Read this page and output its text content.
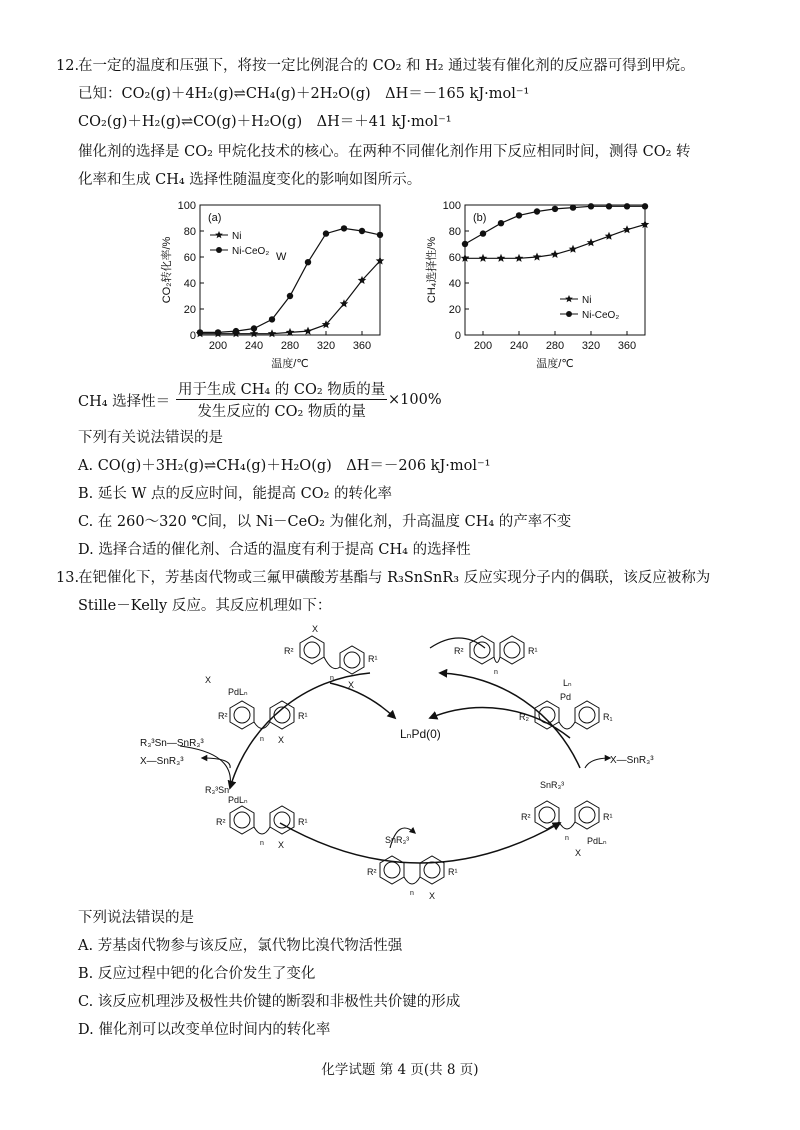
12.
在一定的温度和压强下，将按一定比例混合的 CO₂ 和 H₂ 通过装有催化剂的反应器可得到甲烷。
已知：CO₂(g)＋4H₂(g)⇌CH₄(g)＋2H₂O(g)　ΔH＝－165 kJ·mol⁻¹
CO₂(g)＋H₂(g)⇌CO(g)＋H₂O(g)　ΔH＝＋41 kJ·mol⁻¹
催化剂的选择是 CO₂ 甲烷化技术的核心。在两种不同催化剂作用下反应相同时间，测得 CO₂ 转
化率和生成 CH₄ 选择性随温度变化的影响如图所示。
0
20
40
60
80
100
200 240 280 320 360
温度/℃
CO₂转化率/%
(a)
Ni
Ni-CeO₂ W
0
20
40
60
80
100
200 240 280 320 360
温度/℃
CH₄选择性/%
(b)
Ni
Ni-CeO₂
CH₄ 选择性＝
用于生成 CH₄ 的 CO₂ 物质的量
发生反应的 CO₂ 物质的量
×100%
下列有关说法错误的是
A. CO(g)＋3H₂(g)⇌CH₄(g)＋H₂O(g)　ΔH＝－206 kJ·mol⁻¹
B. 延长 W 点的反应时间，能提高 CO₂ 的转化率
C. 在 260～320 ℃间，以 Ni－CeO₂ 为催化剂，升高温度 CH₄ 的产率不变
D. 选择合适的催化剂、合适的温度有利于提高 CH₄ 的选择性
13.
在钯催化下，芳基卤代物或三氟甲磺酸芳基酯与 R₃SnSnR₃ 反应实现分子内的偶联，该反应被称为
Stille－Kelly 反应。其反应机理如下：
LₙPd(0)
R²
R¹
X
X
n
R²	R¹
n
X
PdLₙ
R²	R¹
X
n
R₃³Sn—SnR₃³
X—SnR₃³
R₃³Sn
PdLₙ
R²	R¹
X
n	SnR₃³
R²	R¹
X
n
SnR₃³
R²	R¹
PdLₙ
X
n
X—SnR₃³
Lₙ
Pd
R₂	R₁
下列说法错误的是
A. 芳基卤代物参与该反应，氯代物比溴代物活性强
B. 反应过程中钯的化合价发生了变化
C. 该反应机理涉及极性共价键的断裂和非极性共价键的形成
D. 催化剂可以改变单位时间内的转化率
化学试题 第 4 页(共 8 页)
